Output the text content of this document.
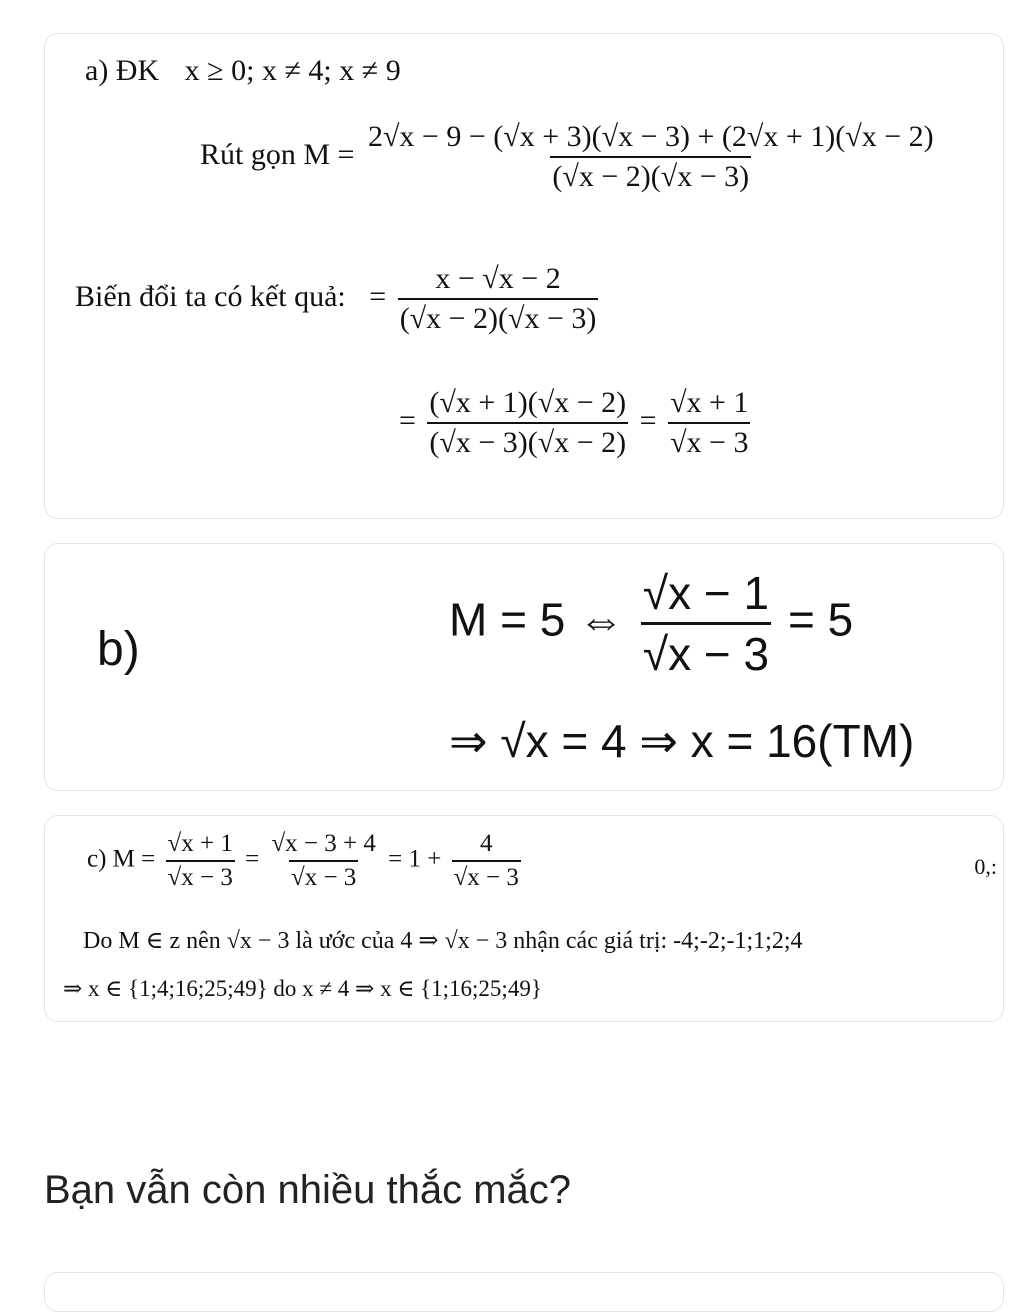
a) ĐK x ≥ 0; x ≠ 4; x ≠ 9
Rút gọn $M = \frac{2√x - 9 - (√x + 3)(√x - 3) + (2√x + 1)(√x - 2)}{(√x - 2)(√x - 3)}$
Biến đổi ta có kết quả: = $\frac{x - √x - 2}{(√x - 2)(√x - 3)}$
= $\frac{(√x + 1)(√x - 2)}{(√x - 3)(√x - 2)} = \frac{√x + 1}{√x - 3}$
b)
M = 5 ⇔ $\frac{√x - 1}{√x - 3} = 5$
⇒ √x = 4 ⇒ x = 16(TM)
c) $M = \frac{√x + 1}{√x - 3} = \frac{√x - 3 + 4}{√x - 3} = 1 + \frac{4}{√x - 3}$	0,:
Do M ∈ z nên √x − 3 là ước của 4 ⇒ √x − 3 nhận các giá trị: -4;-2;-1;1;2;4
⇒ x ∈ {1;4;16;25;49} do x ≠ 4 ⇒ x ∈ {1;16;25;49}
Bạn vẫn còn nhiều thắc mắc?
